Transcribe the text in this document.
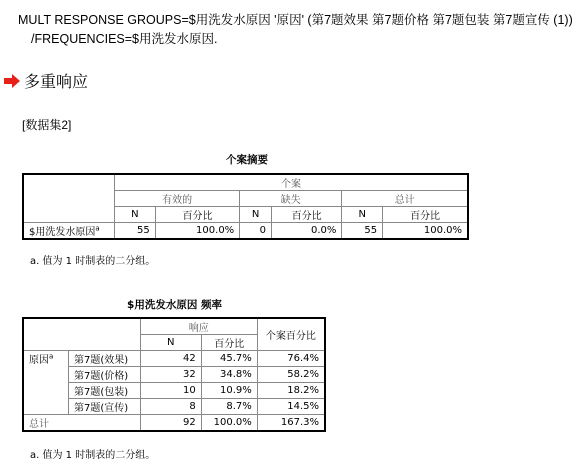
MULT RESPONSE GROUPS=$用洗发水原因 '原因' (第7题效果 第7题价格 第7题包装 第7题宣传 (1))
/FREQUENCIES=$用洗发水原因.
多重响应
[数据集2]
个案摘要
	个案					
	有效的		缺失		总计	
	N	百分比	N	百分比	N	百分比
$用洗发水原因$^a$	55	100.0%	0	0.0%	55	100.0%
a. 值为 1 时制表的二分组。
$用洗发水原因 频率
		响应		个案百分比
		N	百分比	
原因$^a$	第7题(效果)	42	45.7%	76.4%
	第7题(价格)	32	34.8%	58.2%
	第7题(包装)	10	10.9%	18.2%
	第7题(宣传)	8	8.7%	14.5%
总计		92	100.0%	167.3%
a. 值为 1 时制表的二分组。
